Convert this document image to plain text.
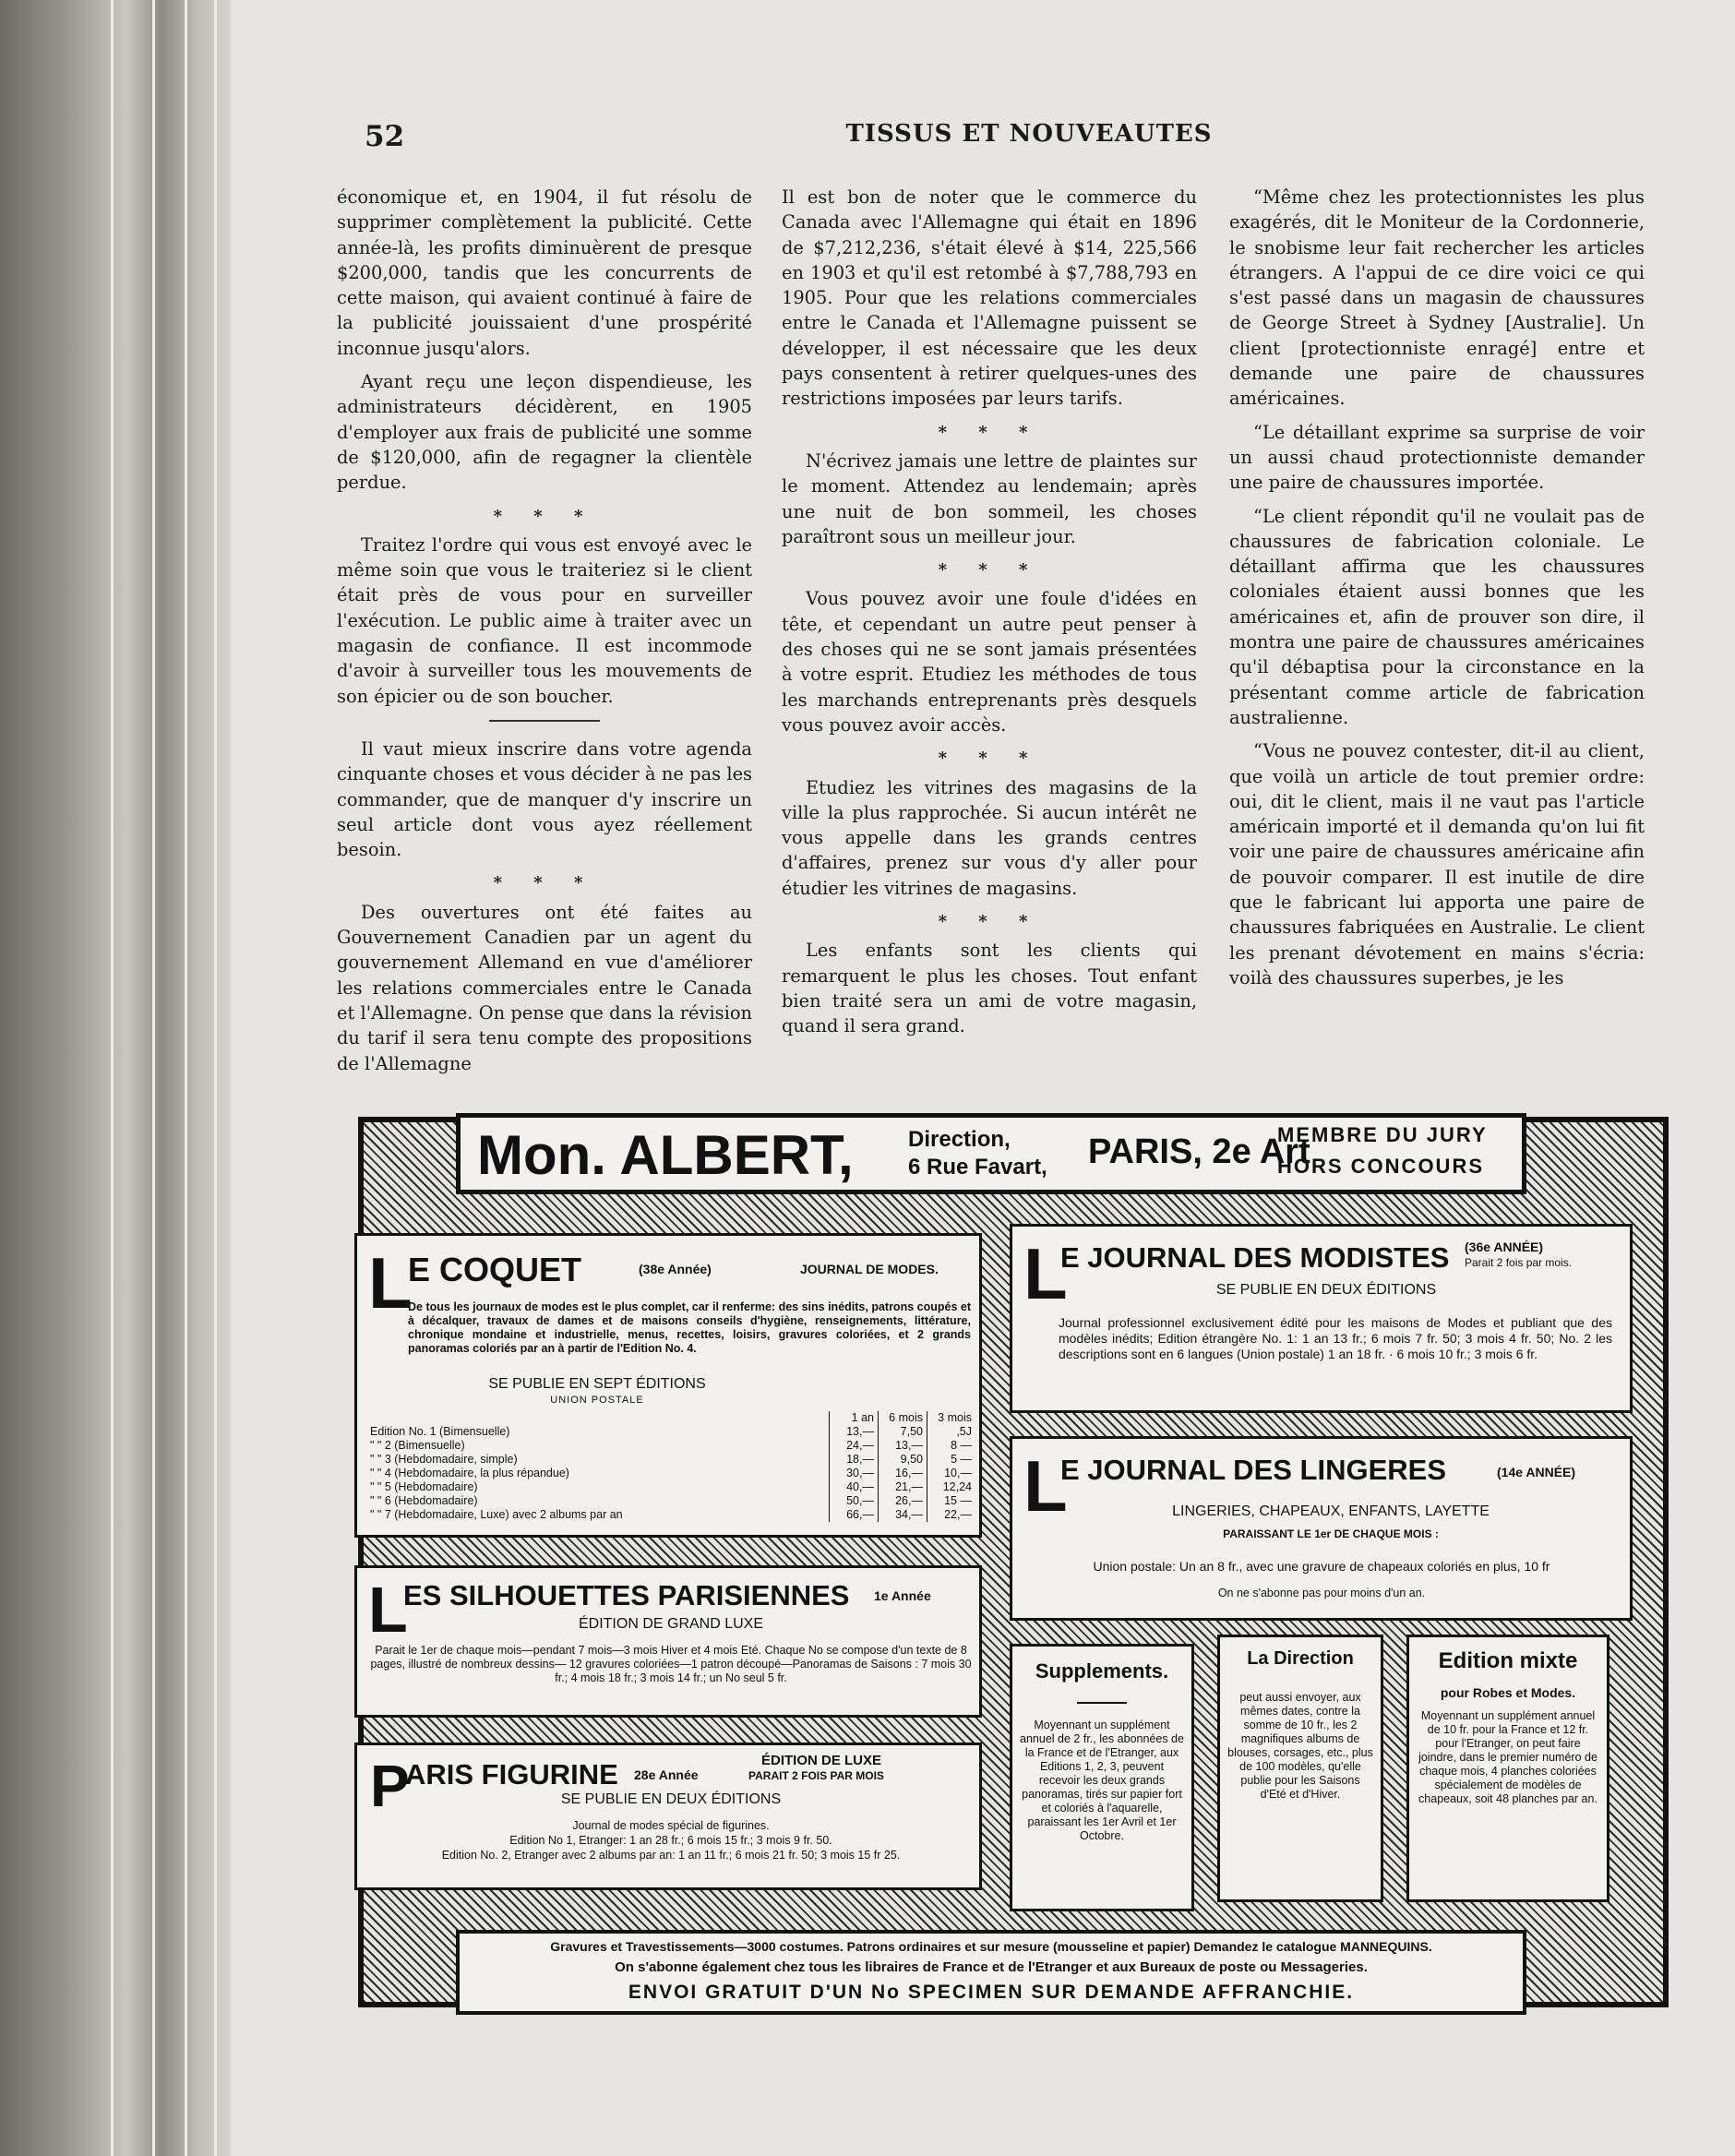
52	TISSUS ET NOUVEAUTES

économique et, en 1904, il fut résolu de supprimer complètement la publicité. Cette année-là, les profits diminuèrent de presque $200,000, tandis que les concurrents de cette maison, qui avaient continué à faire de la publicité jouissaient d'une prospérité inconnue jusqu'alors.

Ayant reçu une leçon dispendieuse, les administrateurs décidèrent, en 1905 d'employer aux frais de publicité une somme de $120,000, afin de regagner la clientèle perdue.

* * *

Traitez l'ordre qui vous est envoyé avec le même soin que vous le traiteriez si le client était près de vous pour en surveiller l'exécution. Le public aime à traiter avec un magasin de confiance. Il est incommode d'avoir à surveiller tous les mouvements de son épicier ou de son boucher.

Il vaut mieux inscrire dans votre agenda cinquante choses et vous décider à ne pas les commander, que de manquer d'y inscrire un seul article dont vous ayez réellement besoin.

* * *

Des ouvertures ont été faites au Gouvernement Canadien par un agent du gouvernement Allemand en vue d'améliorer les relations commerciales entre le Canada et l'Allemagne. On pense que dans la révision du tarif il sera tenu compte des propositions de l'Allemagne

Il est bon de noter que le commerce du Canada avec l'Allemagne qui était en 1896 de $7,212,236, s'était élevé à $14, 225,566 en 1903 et qu'il est retombé à $7,788,793 en 1905. Pour que les relations commerciales entre le Canada et l'Allemagne puissent se développer, il est nécessaire que les deux pays consentent à retirer quelques-unes des restrictions imposées par leurs tarifs.

* * *

N'écrivez jamais une lettre de plaintes sur le moment. Attendez au lendemain; après une nuit de bon sommeil, les choses paraîtront sous un meilleur jour.

* * *

Vous pouvez avoir une foule d'idées en tête, et cependant un autre peut penser à des choses qui ne se sont jamais présentées à votre esprit. Etudiez les méthodes de tous les marchands entreprenants près desquels vous pouvez avoir accès.

* * *

Etudiez les vitrines des magasins de la ville la plus rapprochée. Si aucun intérêt ne vous appelle dans les grands centres d'affaires, prenez sur vous d'y aller pour étudier les vitrines de magasins.

* * *

Les enfants sont les clients qui remarquent le plus les choses. Tout enfant bien traité sera un ami de votre magasin, quand il sera grand.

“Même chez les protectionnistes les plus exagérés, dit le Moniteur de la Cordonnerie, le snobisme leur fait rechercher les articles étrangers. A l'appui de ce dire voici ce qui s'est passé dans un magasin de chaussures de George Street à Sydney [Australie]. Un client [protectionniste enragé] entre et demande une paire de chaussures américaines.

“Le détaillant exprime sa surprise de voir un aussi chaud protectionniste demander une paire de chaussures importée.

“Le client répondit qu'il ne voulait pas de chaussures de fabrication coloniale. Le détaillant affirma que les chaussures coloniales étaient aussi bonnes que les américaines et, afin de prouver son dire, il montra une paire de chaussures américaines qu'il débaptisa pour la circonstance en la présentant comme article de fabrication australienne.

“Vous ne pouvez contester, dit-il au client, que voilà un article de tout premier ordre: oui, dit le client, mais il ne vaut pas l'article américain importé et il demanda qu'on lui fit voir une paire de chaussures américaine afin de pouvoir comparer. Il est inutile de dire que le fabricant lui apporta une paire de chaussures fabriquées en Australie. Le client les prenant dévotement en mains s'écria: voilà des chaussures superbes, je les

Mon. ALBERT, Direction,
6 Rue Favart, PARIS, 2e Art
MEMBRE DU JURY
HORS CONCOURS
L
E COQUET	(38e Année)	JOURNAL DE MODES.
De tous les journaux de modes est le plus complet, car il renferme: des sins inédits, patrons coupés et à décalquer, travaux de dames et de maisons conseils d'hygiène, renseignements, littérature, chronique mondaine et industrielle, menus, recettes, loisirs, gravures coloriées, et 2 grands panoramas coloriés par an à partir de l'Edition No. 4.
SE PUBLIE EN SEPT ÉDITIONS
UNION POSTALE
	1 an	6 mois	3 mois
Edition No. 1 (Bimensuelle)	13,—	7,50	,5J
" " 2 (Bimensuelle)	24,—	13,—	8 —
" " 3 (Hebdomadaire, simple)	18,—	9,50	5 —
" " 4 (Hebdomadaire, la plus répandue)	30,—	16,—	10,—
" " 5 (Hebdomadaire)	40,—	21,—	12,24
" " 6 (Hebdomadaire)	50,—	26,—	15 —
" " 7 (Hebdomadaire, Luxe) avec 2 albums par an	66,—	34,—	22,—
L
E JOURNAL DES MODISTES (36e ANNÉE)
Parait 2 fois par mois.
SE PUBLIE EN DEUX ÉDITIONS
Journal professionnel exclusivement édité pour les maisons de Modes et publiant que des modèles inédits; Edition étrangère No. 1: 1 an 13 fr.; 6 mois 7 fr. 50; 3 mois 4 fr. 50; No. 2 les descriptions sont en 6 langues (Union postale) 1 an 18 fr. · 6 mois 10 fr.; 3 mois 6 fr.
L
E JOURNAL DES LINGERES	(14e ANNÉE)
LINGERIES, CHAPEAUX, ENFANTS, LAYETTE
PARAISSANT LE 1er DE CHAQUE MOIS :
Union postale: Un an 8 fr., avec une gravure de chapeaux coloriés en plus, 10 fr
On ne s'abonne pas pour moins d'un an.
L
ES SILHOUETTES PARISIENNES 1e Année
ÉDITION DE GRAND LUXE
Parait le 1er de chaque mois—pendant 7 mois—3 mois Hiver et 4 mois Eté. Chaque No se compose d'un texte de 8 pages, illustré de nombreux dessins— 12 gravures coloriées—1 patron découpé—Panoramas de Saisons : 7 mois 30 fr.; 4 mois 18 fr.; 3 mois 14 fr.; un No seul 5 fr.
P
ARIS FIGURINE 28e Année
ÉDITION DE LUXE
PARAIT 2 FOIS PAR MOIS
SE PUBLIE EN DEUX ÉDITIONS
Journal de modes spécial de figurines.
Edition No 1, Etranger: 1 an 28 fr.; 6 mois 15 fr.; 3 mois 9 fr. 50.
Edition No. 2, Etranger avec 2 albums par an: 1 an 11 fr.; 6 mois 21 fr. 50; 3 mois 15 fr 25.
Supplements.
Moyennant un supplément annuel de 2 fr., les abonnées de la France et de l'Etranger, aux Editions 1, 2, 3, peuvent recevoir les deux grands panoramas, tirés sur papier fort et coloriés à l'aquarelle, paraissant les 1er Avril et 1er Octobre.
La Direction
peut aussi envoyer, aux mêmes dates, contre la somme de 10 fr., les 2 magnifiques albums de blouses, corsages, etc., plus de 100 modèles, qu'elle publie pour les Saisons d'Eté et d'Hiver.
Edition mixte
pour Robes et Modes.
Moyennant un supplément annuel de 10 fr. pour la France et 12 fr. pour l'Etranger, on peut faire joindre, dans le premier numéro de chaque mois, 4 planches coloriées spécialement de modèles de chapeaux, soit 48 planches par an.
Gravures et Travestissements—3000 costumes. Patrons ordinaires et sur mesure (mousseline et papier) Demandez le catalogue MANNEQUINS.
On s'abonne également chez tous les libraires de France et de l'Etranger et aux Bureaux de poste ou Messageries.
ENVOI GRATUIT D'UN No SPECIMEN SUR DEMANDE AFFRANCHIE.
